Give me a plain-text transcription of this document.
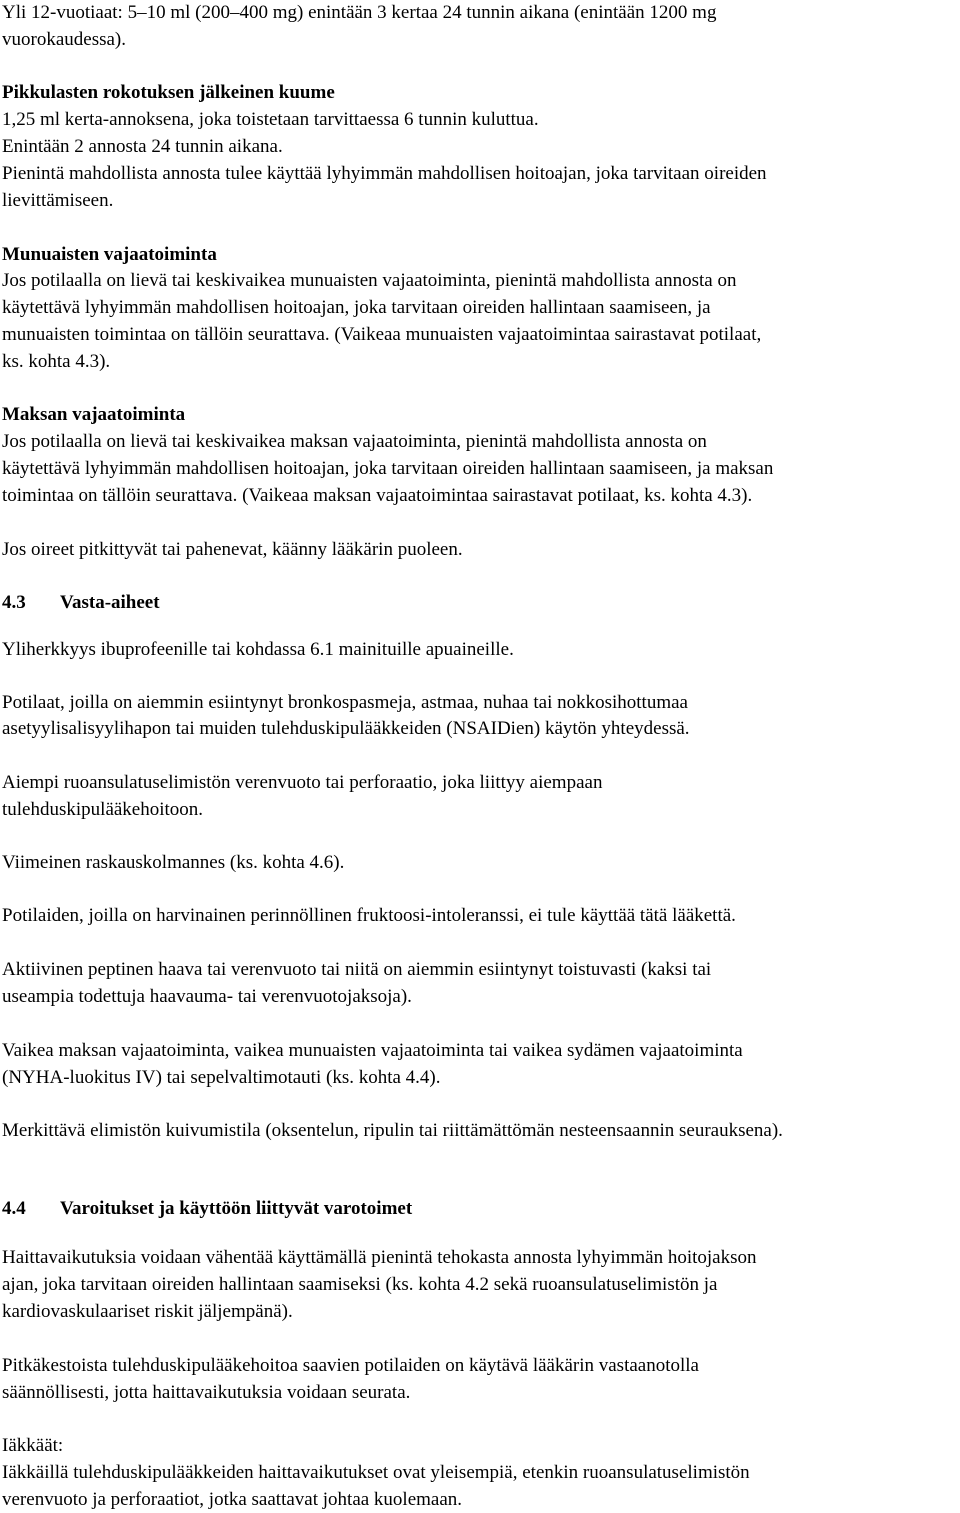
Yli 12-vuotiaat: 5–10 ml (200–400 mg) enintään 3 kertaa 24 tunnin aikana (enintään 1200 mg
vuorokaudessa).
Pikkulasten rokotuksen jälkeinen kuume
1,25 ml kerta-annoksena, joka toistetaan tarvittaessa 6 tunnin kuluttua.
Enintään 2 annosta 24 tunnin aikana.
Pienintä mahdollista annosta tulee käyttää lyhyimmän mahdollisen hoitoajan, joka tarvitaan oireiden
lievittämiseen.
Munuaisten vajaatoiminta
Jos potilaalla on lievä tai keskivaikea munuaisten vajaatoiminta, pienintä mahdollista annosta on
käytettävä lyhyimmän mahdollisen hoitoajan, joka tarvitaan oireiden hallintaan saamiseen, ja
munuaisten toimintaa on tällöin seurattava. (Vaikeaa munuaisten vajaatoimintaa sairastavat potilaat,
ks. kohta 4.3).
Maksan vajaatoiminta
Jos potilaalla on lievä tai keskivaikea maksan vajaatoiminta, pienintä mahdollista annosta on
käytettävä lyhyimmän mahdollisen hoitoajan, joka tarvitaan oireiden hallintaan saamiseen, ja maksan
toimintaa on tällöin seurattava. (Vaikeaa maksan vajaatoimintaa sairastavat potilaat, ks. kohta 4.3).
Jos oireet pitkittyvät tai pahenevat, käänny lääkärin puoleen.
4.3 Vasta-aiheet
Yliherkkyys ibuprofeenille tai kohdassa 6.1 mainituille apuaineille.
Potilaat, joilla on aiemmin esiintynyt bronkospasmeja, astmaa, nuhaa tai nokkosihottumaa
asetyylisalisyylihapon tai muiden tulehduskipulääkkeiden (NSAIDien) käytön yhteydessä.
Aiempi ruoansulatuselimistön verenvuoto tai perforaatio, joka liittyy aiempaan
tulehduskipulääkehoitoon.
Viimeinen raskauskolmannes (ks. kohta 4.6).
Potilaiden, joilla on harvinainen perinnöllinen fruktoosi-intoleranssi, ei tule käyttää tätä lääkettä.
Aktiivinen peptinen haava tai verenvuoto tai niitä on aiemmin esiintynyt toistuvasti (kaksi tai
useampia todettuja haavauma- tai verenvuotojaksoja).
Vaikea maksan vajaatoiminta, vaikea munuaisten vajaatoiminta tai vaikea sydämen vajaatoiminta
(NYHA-luokitus IV) tai sepelvaltimotauti (ks. kohta 4.4).
Merkittävä elimistön kuivumistila (oksentelun, ripulin tai riittämättömän nesteensaannin seurauksena).
4.4 Varoitukset ja käyttöön liittyvät varotoimet
Haittavaikutuksia voidaan vähentää käyttämällä pienintä tehokasta annosta lyhyimmän hoitojakson
ajan, joka tarvitaan oireiden hallintaan saamiseksi (ks. kohta 4.2 sekä ruoansulatuselimistön ja
kardiovaskulaariset riskit jäljempänä).
Pitkäkestoista tulehduskipulääkehoitoa saavien potilaiden on käytävä lääkärin vastaanotolla
säännöllisesti, jotta haittavaikutuksia voidaan seurata.
Iäkkäät:
Iäkkäillä tulehduskipulääkkeiden haittavaikutukset ovat yleisempiä, etenkin ruoansulatuselimistön
verenvuoto ja perforaatiot, jotka saattavat johtaa kuolemaan.
